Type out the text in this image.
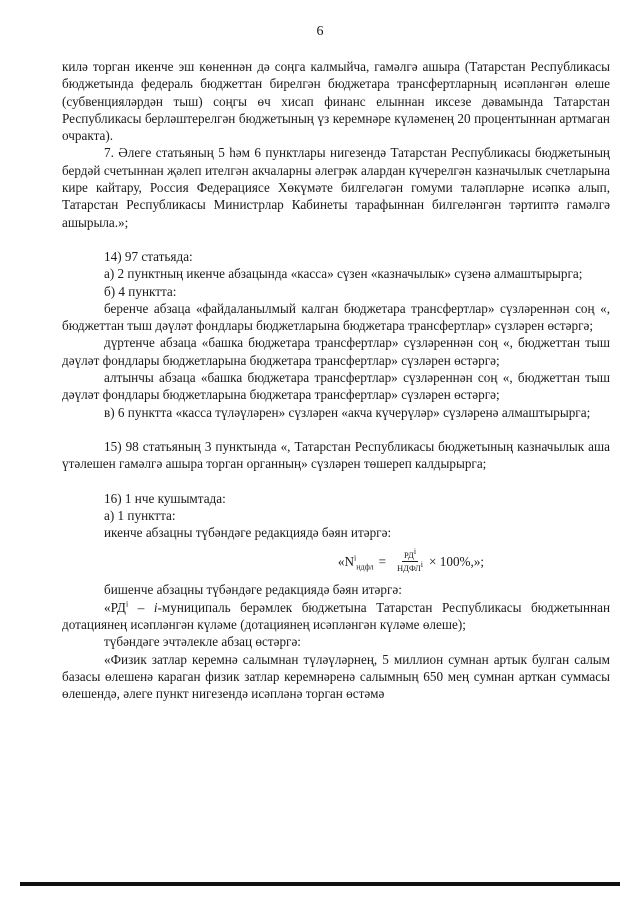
6

килә торган икенче эш көненнән дә соңга калмыйча, гамәлгә ашыра (Татарстан Республикасы бюджетында федераль бюджеттан бирелгән бюджетара трансфертларның исәпләнгән өлеше (субвенцияләрдән тыш) соңгы өч хисап финанс елыннан иксезе дәвамында Татарстан Республикасы берләштерелгән бюджетының үз керемнәре күләменең 20 процентыннан артмаган очракта).

7. Әлеге статьяның 5 һәм 6 пунктлары нигезендә Татарстан Республикасы бюджетының бердәй счетыннан җәлеп ителгән акчаларны әлегрәк алардан күчерелгән казначылык счетларына кире кайтару, Россия Федерациясе Хөкүмәте билгеләгән гомуми таләпләрне исәпкә алып, Татарстан Республикасы Министрлар Кабинеты тарафыннан билгеләнгән тәртиптә гамәлгә ашырыла.»;

14) 97 статьяда:

а) 2 пунктның икенче абзацында «касса» сүзен «казначылык» сүзенә алмаштырырга;

б) 4 пунктта:

беренче абзаца «файдаланылмый калган бюджетара трансфертлар» сүзләреннән соң «, бюджеттан тыш дәүләт фондлары бюджетларына бюджетара трансфертлар» сүзләрен өстәргә;

дүртенче абзаца «башка бюджетара трансфертлар» сүзләреннән соң «, бюджеттан тыш дәүләт фондлары бюджетларына бюджетара трансфертлар» сүзләрен өстәргә;

алтынчы абзаца «башка бюджетара трансфертлар» сүзләреннән соң «, бюджеттан тыш дәүләт фондлары бюджетларына бюджетара трансфертлар» сүзләрен өстәргә;

в) 6 пунктта «касса түләүләрен» сүзләрен «акча күчерүләр» сүзләренә алмаштырырга;

15) 98 статьяның 3 пунктында «, Татарстан Республикасы бюджетының казначылык аша үтәлешен гамәлгә ашыра торган органның» сүзләрен төшереп калдырырга;

16) 1 нче кушымтада:

а) 1 пунктта:

икенче абзацны түбәндәге редакциядә бәян итәргә:

«$N^i_{ндфл} = \frac{РД^i}{НДФЛ^i} \times 100\%$,»;

бишенче абзацны түбәндәге редакциядә бәян итәргә:

«$РД^i$ – i-муниципаль берәмлек бюджетына Татарстан Республикасы бюджетыннан дотациянең исәпләнгән күләме (дотациянең исәпләнгән күләме өлеше);

түбәндәге эчтәлекле абзац өстәргә:

«Физик затлар керемнә салымнан түләүләрнең, 5 миллион сумнан артык булган салым базасы өлешенә караган физик затлар керемнәренә салымның 650 мең сумнан арткан суммасы өлешендә, әлеге пункт нигезендә исәпләнә торган өстәмә
